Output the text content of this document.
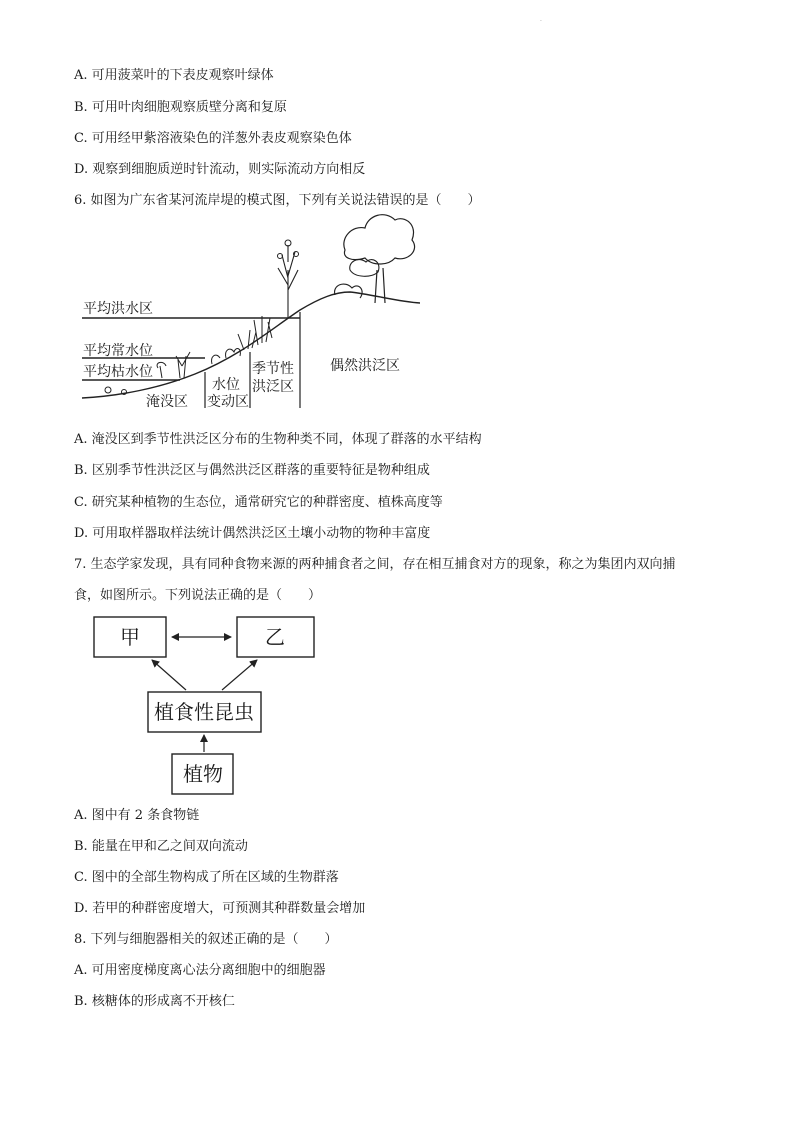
·
A. 可用菠菜叶的下表皮观察叶绿体
B. 可用叶肉细胞观察质壁分离和复原
C. 可用经甲紫溶液染色的洋葱外表皮观察染色体
D. 观察到细胞质逆时针流动，则实际流动方向相反
6. 如图为广东省某河流岸堤的模式图，下列有关说法错误的是（　　）
平均洪水区
平均常水位
平均枯水位
淹没区
水位
变动区
季节性
洪泛区
偶然洪泛区
A. 淹没区到季节性洪泛区分布的生物种类不同，体现了群落的水平结构
B. 区别季节性洪泛区与偶然洪泛区群落的重要特征是物种组成
C. 研究某种植物的生态位，通常研究它的种群密度、植株高度等
D. 可用取样器取样法统计偶然洪泛区土壤小动物的物种丰富度
7. 生态学家发现，具有同种食物来源的两种捕食者之间，存在相互捕食对方的现象，称之为集团内双向捕
食，如图所示。下列说法正确的是（　　）
甲	乙
植食性昆虫
植物
A. 图中有 2 条食物链
B. 能量在甲和乙之间双向流动
C. 图中的全部生物构成了所在区域的生物群落
D. 若甲的种群密度增大，可预测其种群数量会增加
8. 下列与细胞器相关的叙述正确的是（　　）
A. 可用密度梯度离心法分离细胞中的细胞器
B. 核糖体的形成离不开核仁
